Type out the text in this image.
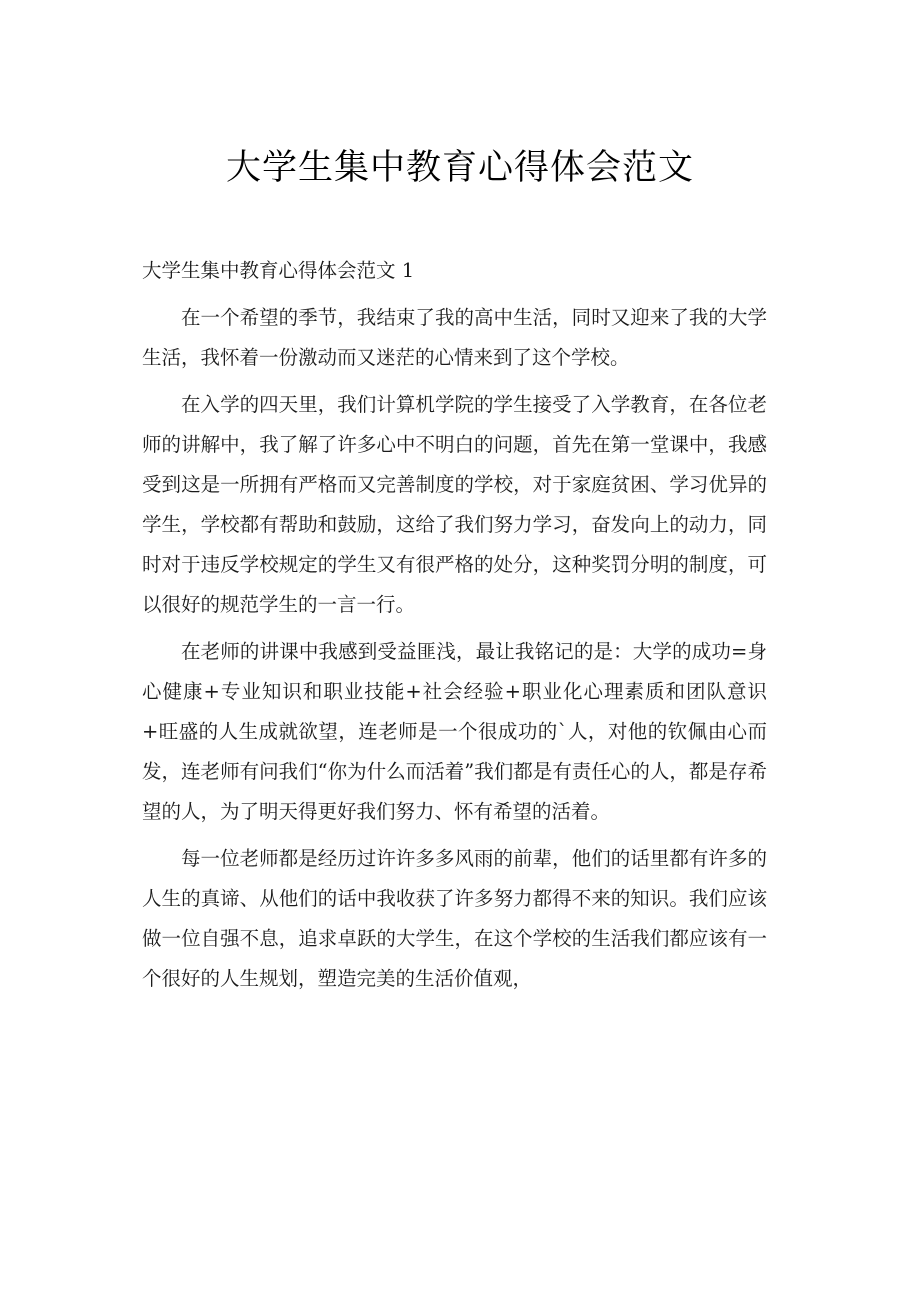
大学生集中教育心得体会范文
大学生集中教育心得体会范文 1

在一个希望的季节，我结束了我的高中生活，同时又迎来了我的大学生活，我怀着一份激动而又迷茫的心情来到了这个学校。

在入学的四天里，我们计算机学院的学生接受了入学教育，在各位老师的讲解中，我了解了许多心中不明白的问题，首先在第一堂课中，我感受到这是一所拥有严格而又完善制度的学校，对于家庭贫困、学习优异的学生，学校都有帮助和鼓励，这给了我们努力学习，奋发向上的动力，同时对于违反学校规定的学生又有很严格的处分，这种奖罚分明的制度，可以很好的规范学生的一言一行。

在老师的讲课中我感到受益匪浅，最让我铭记的是：大学的成功=身心健康+专业知识和职业技能+社会经验+职业化心理素质和团队意识+旺盛的人生成就欲望，连老师是一个很成功的`人，对他的钦佩由心而发，连老师有问我们“你为什么而活着”我们都是有责任心的人，都是存希望的人，为了明天得更好我们努力、怀有希望的活着。

每一位老师都是经历过许许多多风雨的前辈，他们的话里都有许多的人生的真谛、从他们的话中我收获了许多努力都得不来的知识。我们应该做一位自强不息，追求卓跃的大学生，在这个学校的生活我们都应该有一个很好的人生规划，塑造完美的生活价值观，
